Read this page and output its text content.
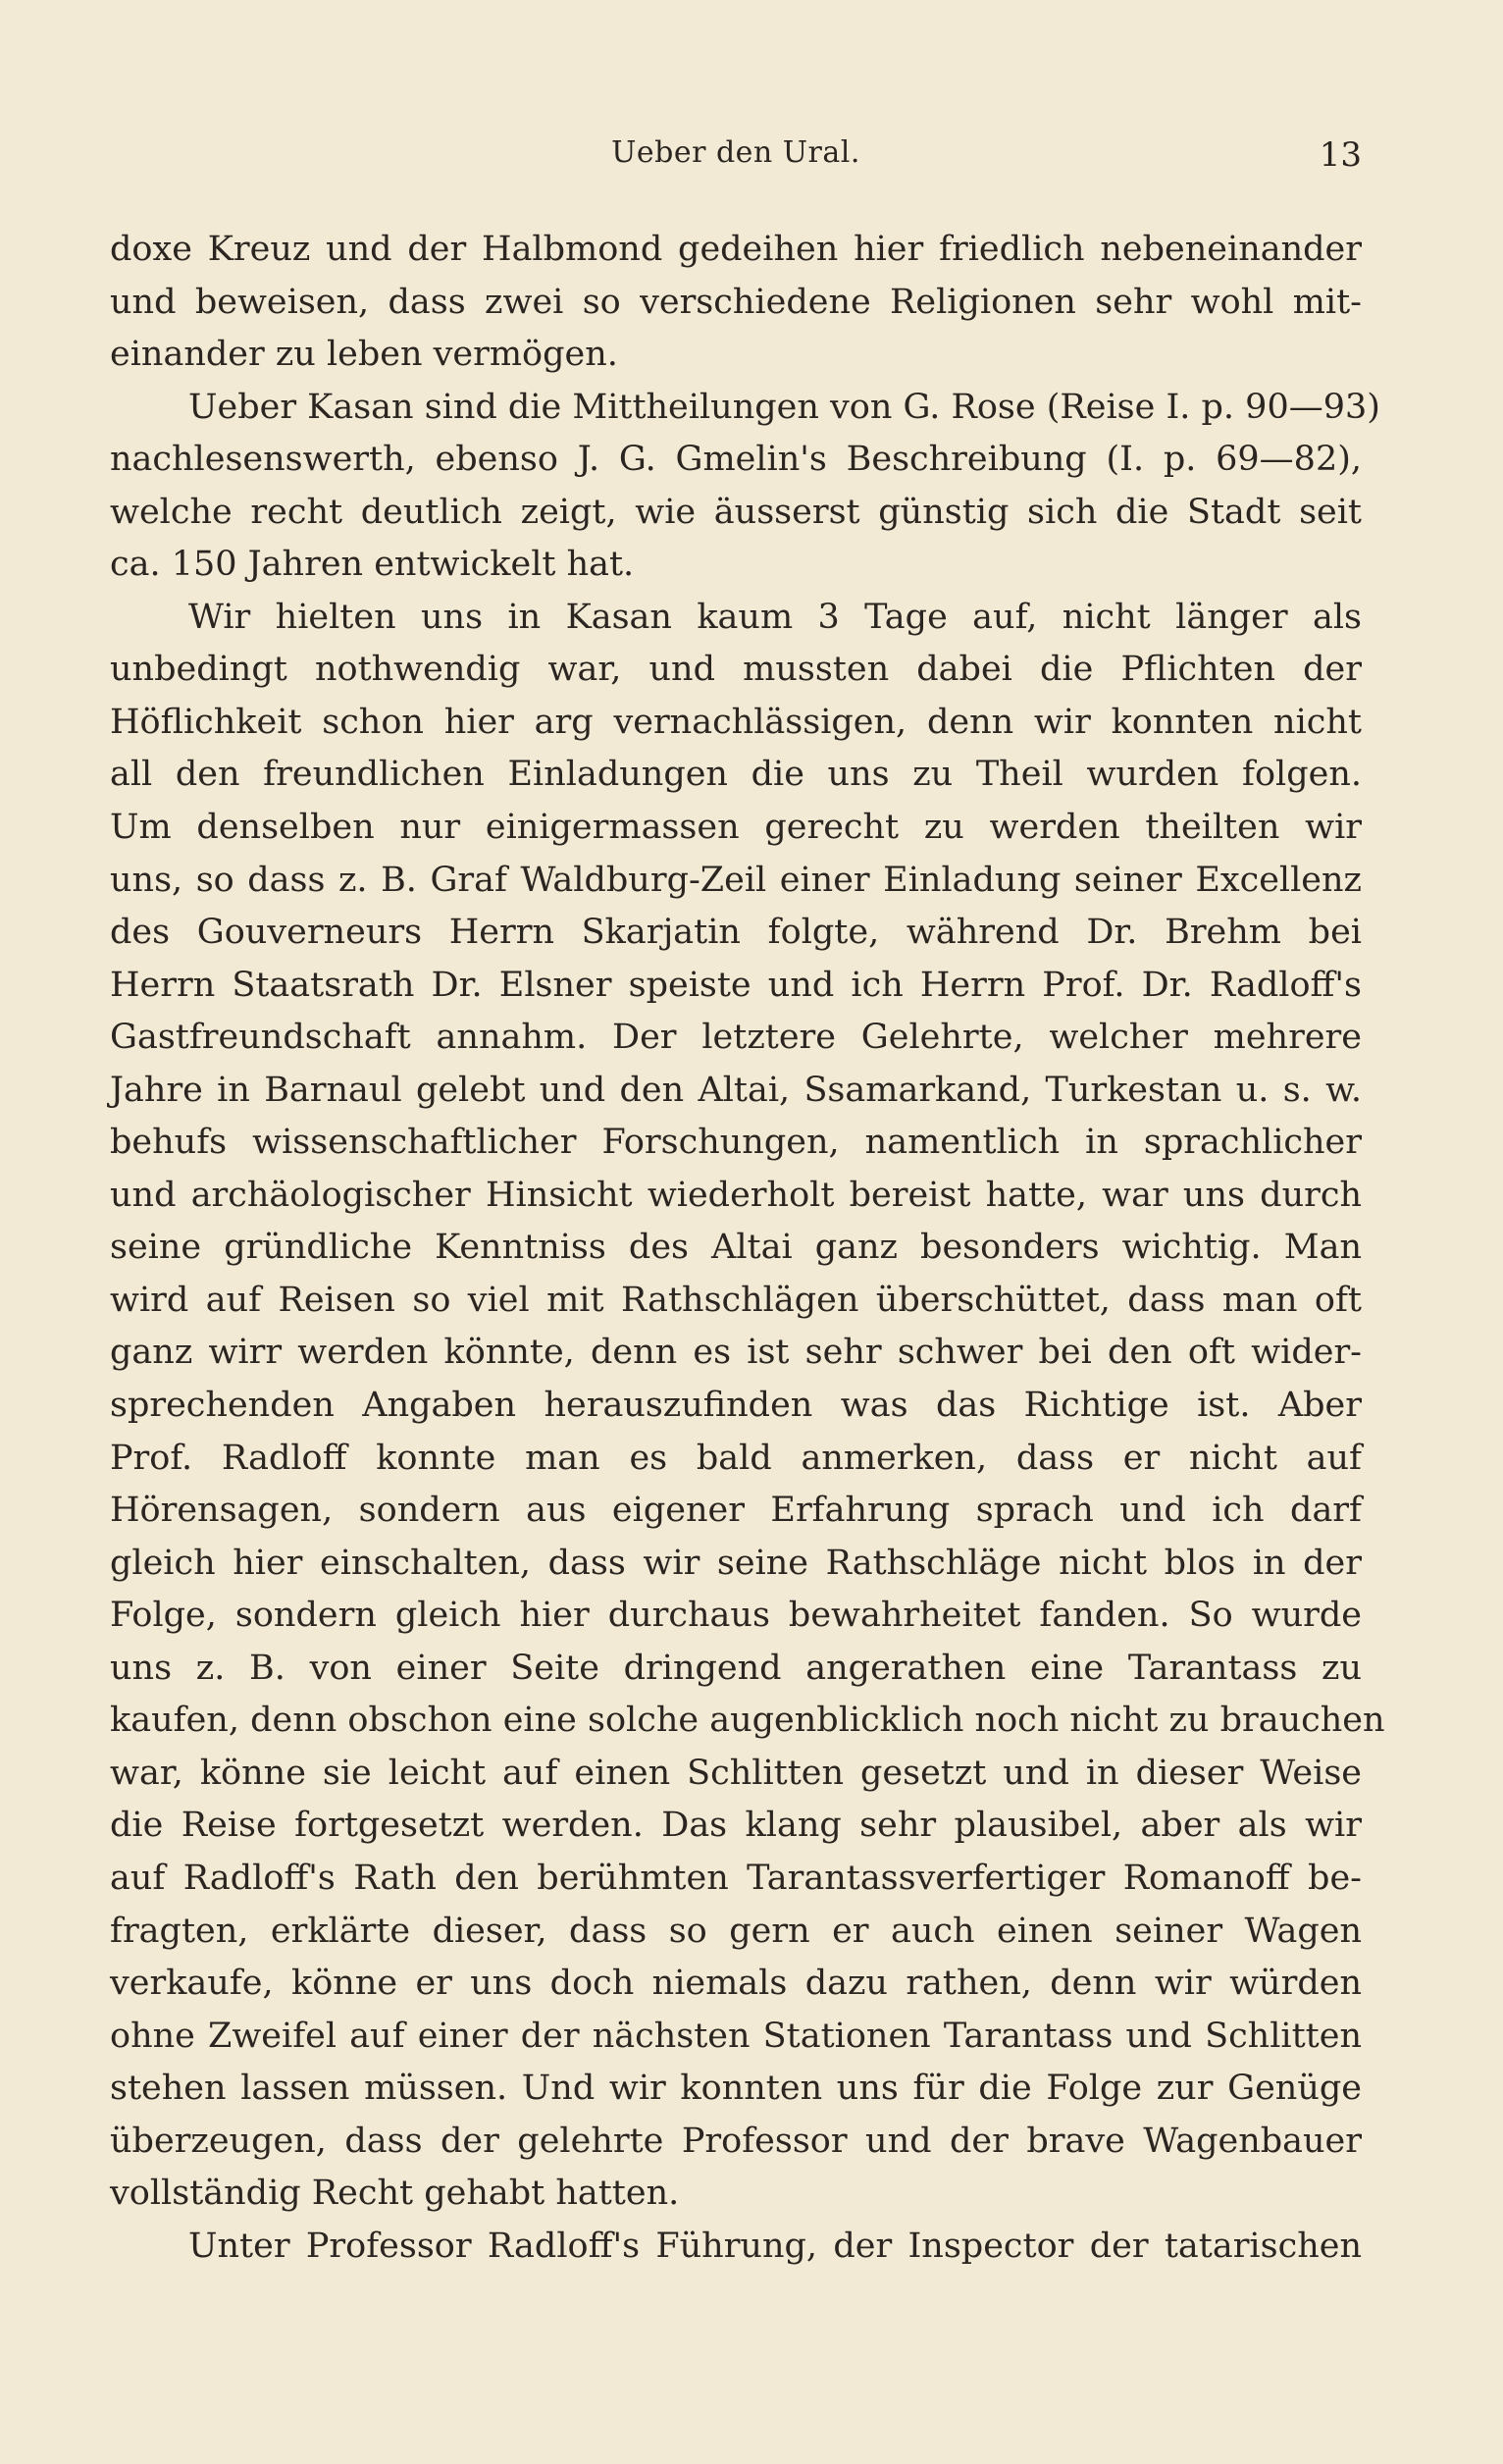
Ueber den Ural.	13
doxe Kreuz und der Halbmond gedeihen hier friedlich nebeneinander
und beweisen, dass zwei so verschiedene Religionen sehr wohl mit-
einander zu leben vermögen.
Ueber Kasan sind die Mittheilungen von G. Rose (Reise I. p. 90—93)
nachlesenswerth, ebenso J. G. Gmelin's Beschreibung (I. p. 69—82),
welche recht deutlich zeigt, wie äusserst günstig sich die Stadt seit
ca. 150 Jahren entwickelt hat.
Wir hielten uns in Kasan kaum 3 Tage auf, nicht länger als
unbedingt nothwendig war, und mussten dabei die Pflichten der
Höflichkeit schon hier arg vernachlässigen, denn wir konnten nicht
all den freundlichen Einladungen die uns zu Theil wurden folgen.
Um denselben nur einigermassen gerecht zu werden theilten wir
uns, so dass z. B. Graf Waldburg-Zeil einer Einladung seiner Excellenz
des Gouverneurs Herrn Skarjatin folgte, während Dr. Brehm bei
Herrn Staatsrath Dr. Elsner speiste und ich Herrn Prof. Dr. Radloff's
Gastfreundschaft annahm. Der letztere Gelehrte, welcher mehrere
Jahre in Barnaul gelebt und den Altai, Ssamarkand, Turkestan u. s. w.
behufs wissenschaftlicher Forschungen, namentlich in sprachlicher
und archäologischer Hinsicht wiederholt bereist hatte, war uns durch
seine gründliche Kenntniss des Altai ganz besonders wichtig. Man
wird auf Reisen so viel mit Rathschlägen überschüttet, dass man oft
ganz wirr werden könnte, denn es ist sehr schwer bei den oft wider-
sprechenden Angaben herauszufinden was das Richtige ist. Aber
Prof. Radloff konnte man es bald anmerken, dass er nicht auf
Hörensagen, sondern aus eigener Erfahrung sprach und ich darf
gleich hier einschalten, dass wir seine Rathschläge nicht blos in der
Folge, sondern gleich hier durchaus bewahrheitet fanden. So wurde
uns z. B. von einer Seite dringend angerathen eine Tarantass zu
kaufen, denn obschon eine solche augenblicklich noch nicht zu brauchen
war, könne sie leicht auf einen Schlitten gesetzt und in dieser Weise
die Reise fortgesetzt werden. Das klang sehr plausibel, aber als wir
auf Radloff's Rath den berühmten Tarantassverfertiger Romanoff be-
fragten, erklärte dieser, dass so gern er auch einen seiner Wagen
verkaufe, könne er uns doch niemals dazu rathen, denn wir würden
ohne Zweifel auf einer der nächsten Stationen Tarantass und Schlitten
stehen lassen müssen. Und wir konnten uns für die Folge zur Genüge
überzeugen, dass der gelehrte Professor und der brave Wagenbauer
vollständig Recht gehabt hatten.
Unter Professor Radloff's Führung, der Inspector der tatarischen
